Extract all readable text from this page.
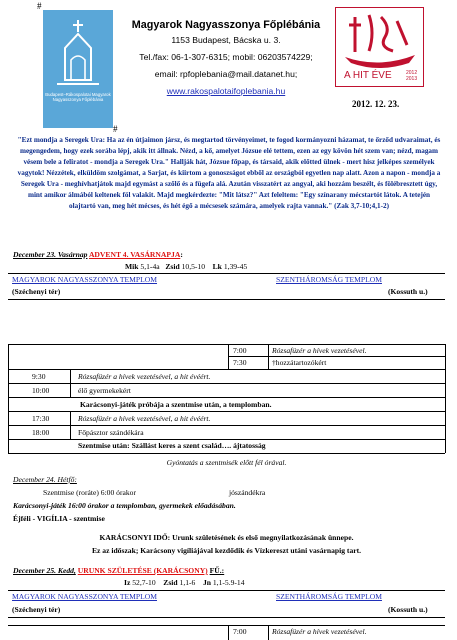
#
#
Budapest–Rákospalotai Magyarok Nagyasszonya Főplébánia
Magyarok Nagyasszonya Főplébánia
1153 Budapest, Bácska u. 3.
Tel./fax: 06-1-307-6315; mobil: 06203574229;
email: rpfoplebania@mail.datanet.hu;
www.rakospalotaifoplebania.hu
A HIT ÉVE	2012
2013
2012. 12. 23.
"Ezt mondja a Seregek Ura: Ha az én útjaimon jársz, és megtartod törvényeimet, te fogod kormányozni házamat, te őrződ udvaraimat, és megengedem, hogy ezek sorába lépj, akik itt állnak. Nézd, a kő, amelyet Józsue elé tettem, ezen az egy kövön hét szem van; nézd, magam vésem bele a feliratot - mondja a Seregek Ura." Hallják hát, Józsue főpap, és társaid, akik előtted ülnek - mert hisz jelképes személyek vagytok! Nézzétek, elküldöm szolgámat, a Sarjat, és kiirtom a gonoszságot ebből az országból egyetlen nap alatt. Azon a napon - mondja a Seregek Ura - meghívhatjátok majd egymást a szőlő és a fügefa alá. Azután visszatért az angyal, aki hozzám beszélt, és fölébresztett úgy, mint amikor álmából keltenek föl valakit. Majd megkérdezte: "Mit látsz?" Azt feleltem: "Egy színarany mécstartót látok. A tetején olajtartó van, meg hét mécses, és hét égő a mécsesek számára, amelyek rajta vannak." (Zak 3,7-10;4,1-2)
December 23. Vasárnap ADVENT 4. VASÁRNAPJA:
Mik 5,1-4a Zsid 10,5-10 Lk 1,39-45
MAGYAROK NAGYASSZONYA TEMPLOM	SZENTHÁROMSÁG TEMPLOM
(Széchenyi tér)	(Kossuth u.)
7:00	Rózsafüzér a hívek vezetésével.
7:30	†hozzátartozókért
9:30	Rózsafüzér a hívek vezetésével, a hit évéért.
10:00	élő gyermekekért
Karácsonyi-játék próbája a szentmise után, a templomban.
17:30	Rózsafüzér a hívek vezetésével, a hit évéért.
18:00	Főpásztor szándékára
Szentmise után: Szállást keres a szent család…. ájtatosság
Gyóntatás a szentmisék előtt fél órával.
December 24. Hétfő:
Szentmise (roráte) 6:00 órakor	jószándékra
Karácsonyi-játék 16:00 órakor a templomban, gyermekek előadásában.
Éjféli - VIGÍLIA - szentmise
KARÁCSONYI IDŐ: Urunk születésének és első megnyilatkozásának ünnepe.
Ez az időszak; Karácsony vigíliájával kezdődik és Vízkereszt utáni vasárnapig tart.
December 25. Kedd, URUNK SZÜLETÉSE (KARÁCSONY) FŰ.:
Iz 52,7-10 Zsid 1,1-6 Jn 1,1-5.9-14
MAGYAROK NAGYASSZONYA TEMPLOM	SZENTHÁROMSÁG TEMPLOM
(Széchenyi tér)	(Kossuth u.)
7:00	Rózsafüzér a hívek vezetésével.
